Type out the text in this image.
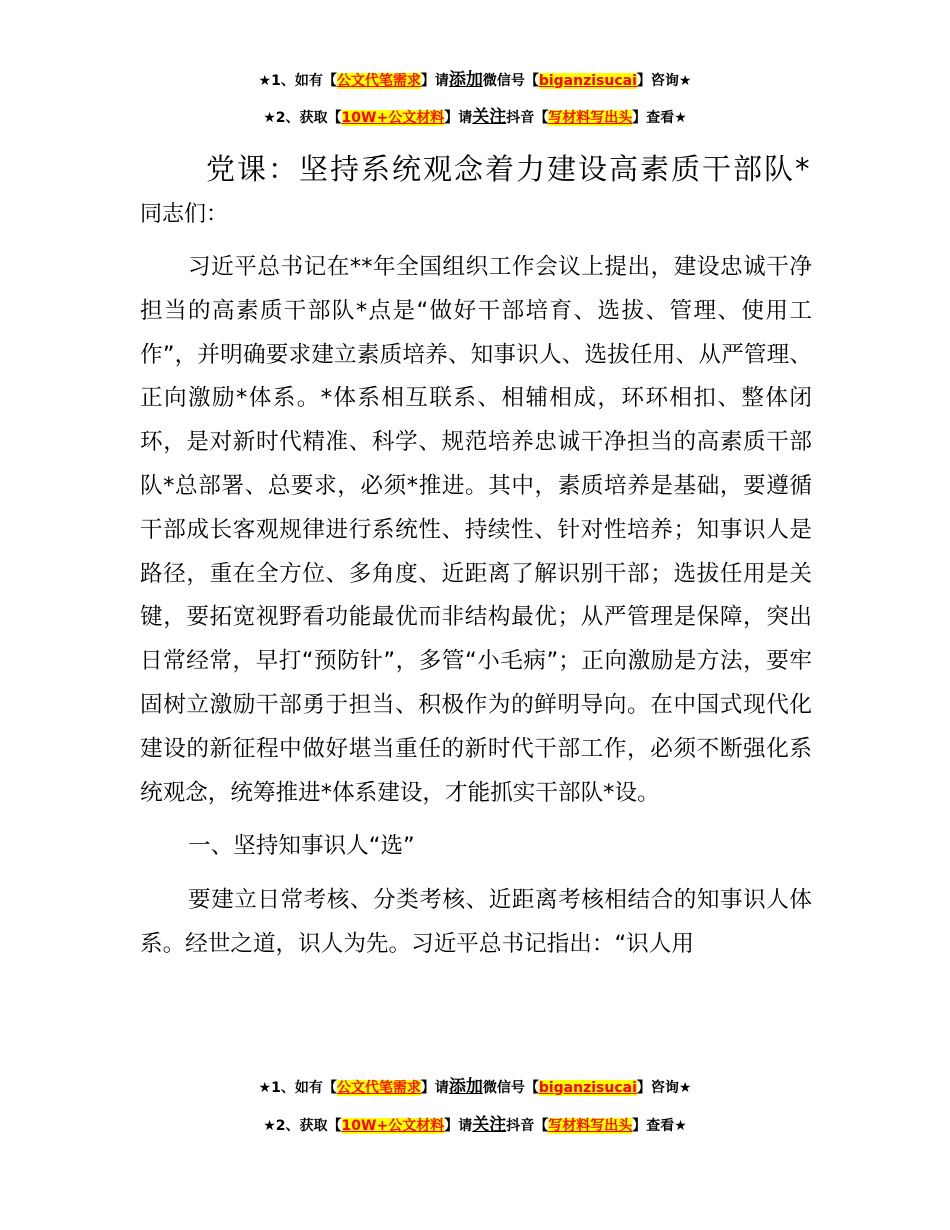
★1、如有【公文代笔需求】请添加微信号【biganzisucai】咨询★
★2、获取【10W+公文材料】请关注抖音【写材料写出头】查看★
党课：坚持系统观念着力建设高素质干部队*同志们：

习近平总书记在**年全国组织工作会议上提出，建设忠诚干净担当的高素质干部队*点是“做好干部培育、选拔、管理、使用工作”，并明确要求建立素质培养、知事识人、选拔任用、从严管理、正向激励*体系。*体系相互联系、相辅相成，环环相扣、整体闭环，是对新时代精准、科学、规范培养忠诚干净担当的高素质干部队*总部署、总要求，必须*推进。其中，素质培养是基础，要遵循干部成长客观规律进行系统性、持续性、针对性培养；知事识人是路径，重在全方位、多角度、近距离了解识别干部；选拔任用是关键，要拓宽视野看功能最优而非结构最优；从严管理是保障，突出日常经常，早打“预防针”，多管“小毛病”；正向激励是方法，要牢固树立激励干部勇于担当、积极作为的鲜明导向。在中国式现代化建设的新征程中做好堪当重任的新时代干部工作，必须不断强化系统观念，统筹推进*体系建设，才能抓实干部队*设。

一、坚持知事识人“选”

要建立日常考核、分类考核、近距离考核相结合的知事识人体系。经世之道，识人为先。习近平总书记指出：“识人用

★1、如有【公文代笔需求】请添加微信号【biganzisucai】咨询★
★2、获取【10W+公文材料】请关注抖音【写材料写出头】查看★
